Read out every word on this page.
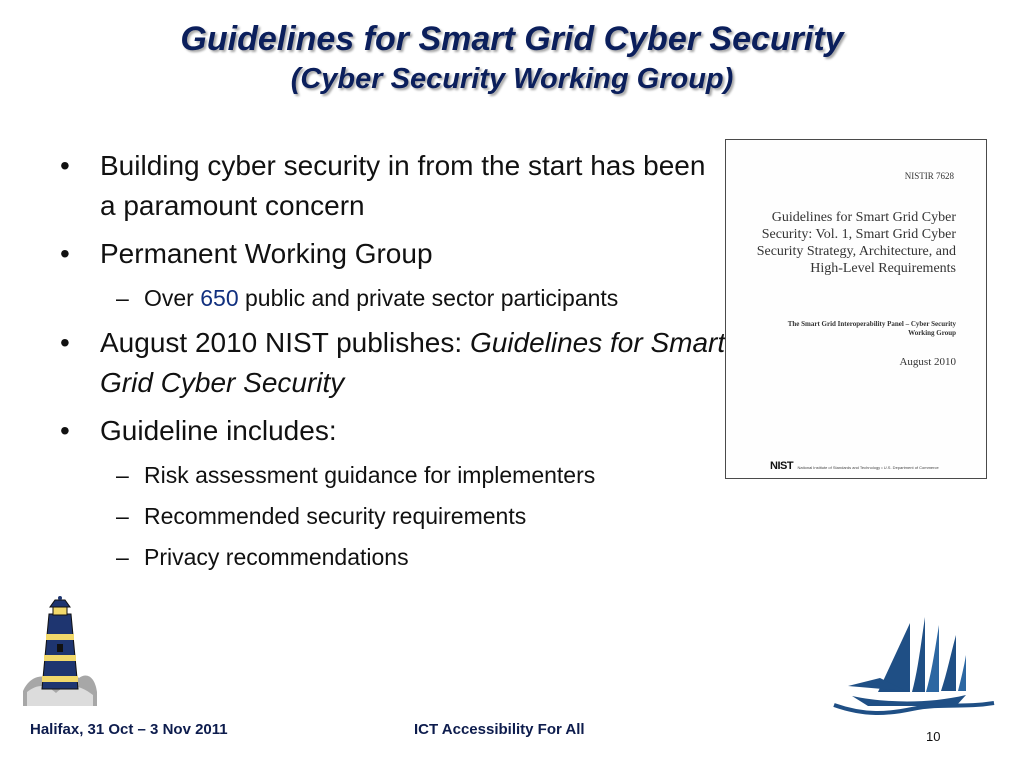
Guidelines for Smart Grid Cyber Security
(Cyber Security Working Group)
• Building cyber security in from the start has been a paramount concern
• Permanent Working Group
– Over 650 public and private sector participants
• August 2010 NIST publishes: Guidelines for Smart Grid Cyber Security
• Guideline includes:
– Risk assessment guidance for implementers
– Recommended security requirements
– Privacy recommendations
NISTIR 7628
Guidelines for Smart Grid Cyber Security: Vol. 1, Smart Grid Cyber Security Strategy, Architecture, and High-Level Requirements
The Smart Grid Interoperability Panel – Cyber Security Working Group
August 2010
NIST National Institute of Standards and Technology • U.S. Department of Commerce
Halifax, 31 Oct – 3 Nov 2011	ICT Accessibility For All	10
